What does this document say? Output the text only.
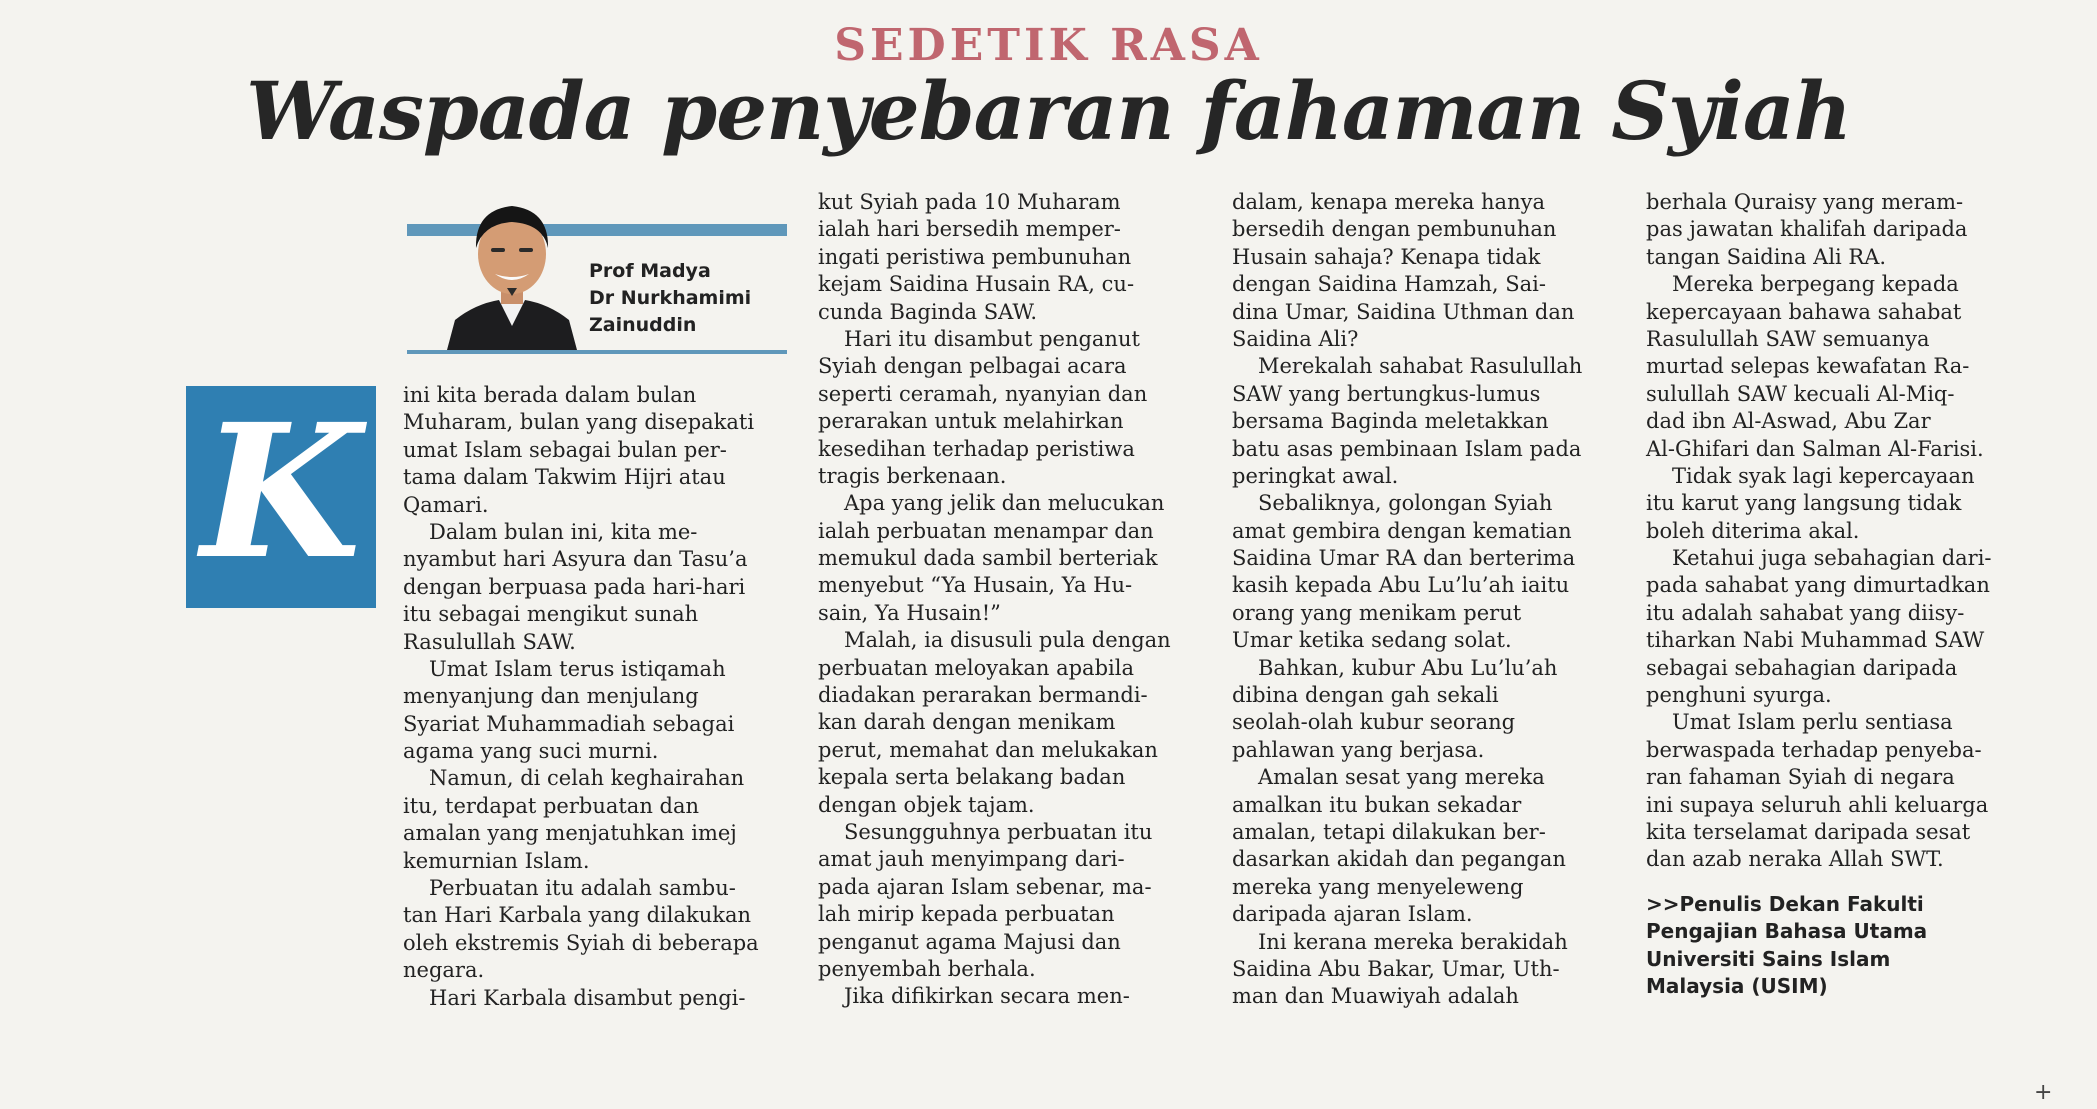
SEDETIK RASA
Waspada penyebaran fahaman Syiah
Prof Madya
Dr Nurkhamimi
Zainuddin
K	ini kita berada dalam bulan
Muharam, bulan yang disepakati
umat Islam sebagai bulan per-
tama dalam Takwim Hijri atau
Qamari.
Dalam bulan ini, kita me-
nyambut hari Asyura dan Tasu’a
dengan berpuasa pada hari-hari
itu sebagai mengikut sunah
Rasulullah SAW.
Umat Islam terus istiqamah
menyanjung dan menjulang
Syariat Muhammadiah sebagai
agama yang suci murni.
Namun, di celah keghairahan
itu, terdapat perbuatan dan
amalan yang menjatuhkan imej
kemurnian Islam.
Perbuatan itu adalah sambu-
tan Hari Karbala yang dilakukan
oleh ekstremis Syiah di beberapa
negara.
Hari Karbala disambut pengi-
kut Syiah pada 10 Muharam
ialah hari bersedih memper-
ingati peristiwa pembunuhan
kejam Saidina Husain RA, cu-
cunda Baginda SAW.
Hari itu disambut penganut
Syiah dengan pelbagai acara
seperti ceramah, nyanyian dan
perarakan untuk melahirkan
kesedihan terhadap peristiwa
tragis berkenaan.
Apa yang jelik dan melucukan
ialah perbuatan menampar dan
memukul dada sambil berteriak
menyebut “Ya Husain, Ya Hu-
sain, Ya Husain!”
Malah, ia disusuli pula dengan
perbuatan meloyakan apabila
diadakan perarakan bermandi-
kan darah dengan menikam
perut, memahat dan melukakan
kepala serta belakang badan
dengan objek tajam.
Sesungguhnya perbuatan itu
amat jauh menyimpang dari-
pada ajaran Islam sebenar, ma-
lah mirip kepada perbuatan
penganut agama Majusi dan
penyembah berhala.
Jika difikirkan secara men-
dalam, kenapa mereka hanya
bersedih dengan pembunuhan
Husain sahaja? Kenapa tidak
dengan Saidina Hamzah, Sai-
dina Umar, Saidina Uthman dan
Saidina Ali?
Merekalah sahabat Rasulullah
SAW yang bertungkus-lumus
bersama Baginda meletakkan
batu asas pembinaan Islam pada
peringkat awal.
Sebaliknya, golongan Syiah
amat gembira dengan kematian
Saidina Umar RA dan berterima
kasih kepada Abu Lu’lu’ah iaitu
orang yang menikam perut
Umar ketika sedang solat.
Bahkan, kubur Abu Lu’lu’ah
dibina dengan gah sekali
seolah-olah kubur seorang
pahlawan yang berjasa.
Amalan sesat yang mereka
amalkan itu bukan sekadar
amalan, tetapi dilakukan ber-
dasarkan akidah dan pegangan
mereka yang menyeleweng
daripada ajaran Islam.
Ini kerana mereka berakidah
Saidina Abu Bakar, Umar, Uth-
man dan Muawiyah adalah
berhala Quraisy yang meram-
pas jawatan khalifah daripada
tangan Saidina Ali RA.
Mereka berpegang kepada
kepercayaan bahawa sahabat
Rasulullah SAW semuanya
murtad selepas kewafatan Ra-
sulullah SAW kecuali Al-Miq-
dad ibn Al-Aswad, Abu Zar
Al-Ghifari dan Salman Al-Farisi.
Tidak syak lagi kepercayaan
itu karut yang langsung tidak
boleh diterima akal.
Ketahui juga sebahagian dari-
pada sahabat yang dimurtadkan
itu adalah sahabat yang diisy-
tiharkan Nabi Muhammad SAW
sebagai sebahagian daripada
penghuni syurga.
Umat Islam perlu sentiasa
berwaspada terhadap penyeba-
ran fahaman Syiah di negara
ini supaya seluruh ahli keluarga
kita terselamat daripada sesat
dan azab neraka Allah SWT.
>>Penulis Dekan Fakulti
Pengajian Bahasa Utama
Universiti Sains Islam
Malaysia (USIM)
+
